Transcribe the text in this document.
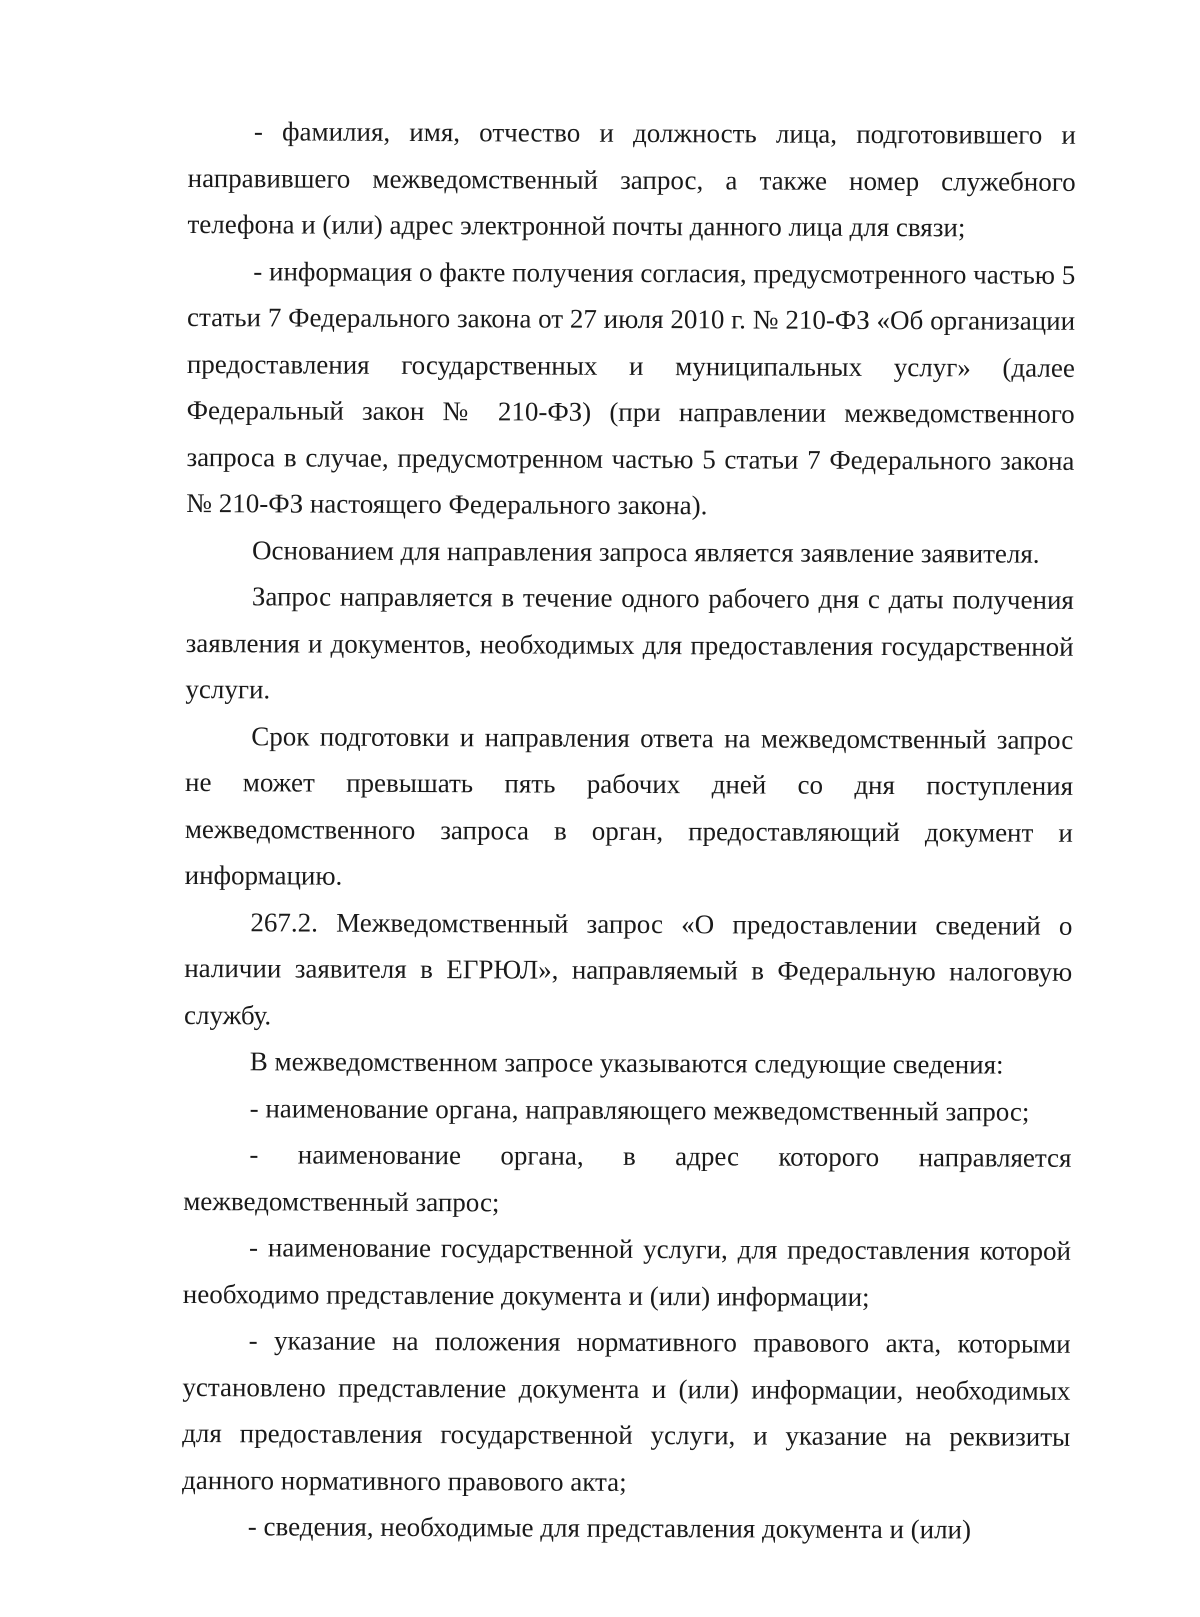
- фамилия, имя, отчество и должность лица, подготовившего и направившего межведомственный запрос, а также номер служебного телефона и (или) адрес электронной почты данного лица для связи;

- информация о факте получения согласия, предусмотренного частью 5 статьи 7 Федерального закона от 27 июля 2010 г. № 210-ФЗ «Об организации предоставления государственных и муниципальных услуг» (далее Федеральный закон № 210-ФЗ) (при направлении межведомственного запроса в случае, предусмотренном частью 5 статьи 7 Федерального закона № 210-ФЗ настоящего Федерального закона).

Основанием для направления запроса является заявление заявителя.

Запрос направляется в течение одного рабочего дня с даты получения заявления и документов, необходимых для предоставления государственной услуги.

Срок подготовки и направления ответа на межведомственный запрос не может превышать пять рабочих дней со дня поступления межведомственного запроса в орган, предоставляющий документ и информацию.

267.2. Межведомственный запрос «О предоставлении сведений о наличии заявителя в ЕГРЮЛ», направляемый в Федеральную налоговую службу.

В межведомственном запросе указываются следующие сведения:

- наименование органа, направляющего межведомственный запрос;

- наименование органа, в адрес которого направляется межведомственный запрос;

- наименование государственной услуги, для предоставления которой необходимо представление документа и (или) информации;

- указание на положения нормативного правового акта, которыми установлено представление документа и (или) информации, необходимых для предоставления государственной услуги, и указание на реквизиты данного нормативного правового акта;

- сведения, необходимые для представления документа и (или)
